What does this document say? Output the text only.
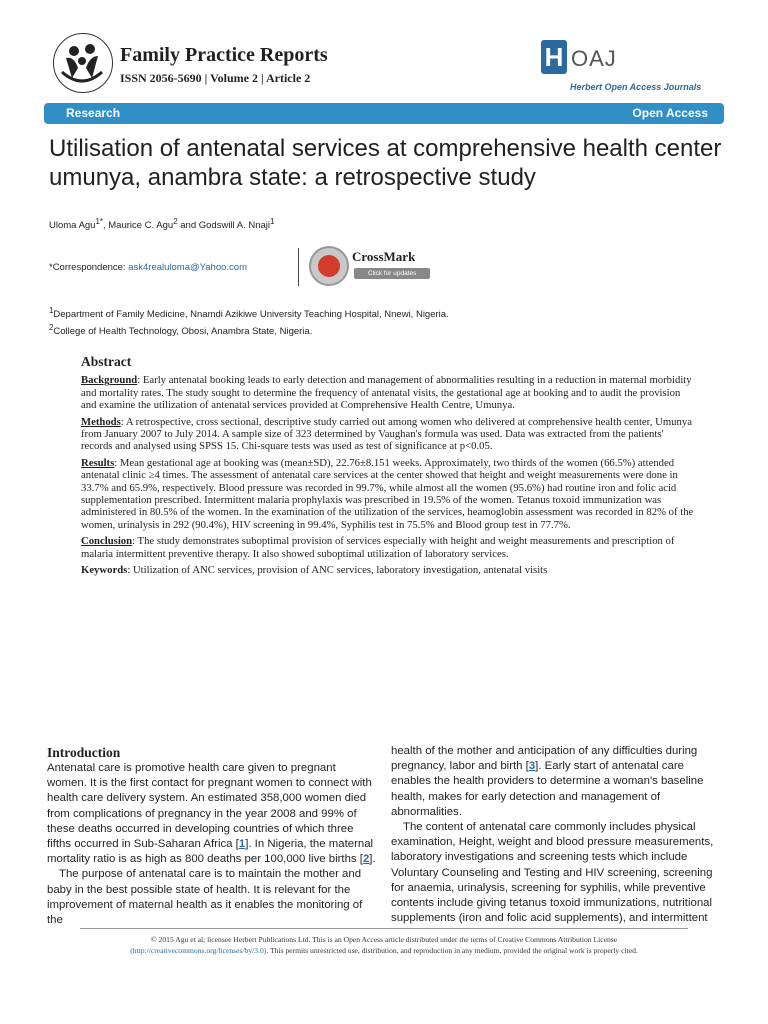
Family Practice Reports
ISSN 2056-5690 | Volume 2 | Article 2
H OAJ
Herbert Open Access Journals
Research	Open Access
Utilisation of antenatal services at comprehensive health center umunya, anambra state: a retrospective study
Uloma Agu$^{1*}$, Maurice C. Agu$^2$ and Godswill A. Nnaji$^1$
*Correspondence: ask4realuloma@Yahoo.com
CrossMark
Click for updates
$^1$Department of Family Medicine, Nnamdi Azikiwe University Teaching Hospital, Nnewi, Nigeria.
$^2$College of Health Technology, Obosi, Anambra State, Nigeria.
Abstract

Background: Early antenatal booking leads to early detection and management of abnormalities resulting in a reduction in maternal morbidity and mortality rates. The study sought to determine the frequency of antenatal visits, the gestational age at booking and to audit the provision and examine the utilization of antenatal services provided at Comprehensive Health Centre, Umunya.

Methods: A retrospective, cross sectional, descriptive study carried out among women who delivered at comprehensive health center, Umunya from January 2007 to July 2014. A sample size of 323 determined by Vaughan's formula was used. Data was extracted from the patients' records and analysed using SPSS 15. Chi-square tests was used as test of significance at p<0.05.

Results: Mean gestational age at booking was (mean±SD), 22.76±8.151 weeks. Approximately, two thirds of the women (66.5%) attended antenatal clinic ≥4 times. The assessment of antenatal care services at the center showed that height and weight measurements were done in 33.7% and 65.9%, respectively. Blood pressure was recorded in 99.7%, while almost all the women (95.6%) had routine iron and folic acid supplementation prescribed. Intermittent malaria prophylaxis was prescribed in 19.5% of the women. Tetanus toxoid immunization was administered in 80.5% of the women. In the examination of the utilization of the services, heamoglobin assessment was recorded in 82% of the women, urinalysis in 292 (90.4%), HIV screening in 99.4%, Syphilis test in 75.5% and Blood group test in 77.7%.

Conclusion: The study demonstrates suboptimal provision of services especially with height and weight measurements and prescription of malaria intermittent preventive therapy. It also showed suboptimal utilization of laboratory services.

Keywords: Utilization of ANC services, provision of ANC services, laboratory investigation, antenatal visits

Introduction

Antenatal care is promotive health care given to pregnant women. It is the first contact for pregnant women to connect with health care delivery system. An estimated 358,000 women died from complications of pregnancy in the year 2008 and 99% of these deaths occurred in developing countries of which three fifths occurred in Sub-Saharan Africa [1]. In Nigeria, the maternal mortality ratio is as high as 800 deaths per 100,000 live births [2].

The purpose of antenatal care is to maintain the mother and baby in the best possible state of health. It is relevant for the improvement of maternal health as it enables the monitoring of the

health of the mother and anticipation of any difficulties during pregnancy, labor and birth [3]. Early start of antenatal care enables the health providers to determine a woman's baseline health, makes for early detection and management of abnormalities.

The content of antenatal care commonly includes physical examination, Height, weight and blood pressure measurements, laboratory investigations and screening tests which include Voluntary Counseling and Testing and HIV screening, screening for anaemia, urinalysis, screening for syphilis, while preventive contents include giving tetanus toxoid immunizations, nutritional supplements (iron and folic acid supplements), and intermittent

© 2015 Agu et al; licensee Herbert Publications Ltd. This is an Open Access article distributed under the terms of Creative Commons Attribution License
(http://creativecommons.org/licenses/by/3.0). This permits unrestricted use, distribution, and reproduction in any medium, provided the original work is properly cited.
